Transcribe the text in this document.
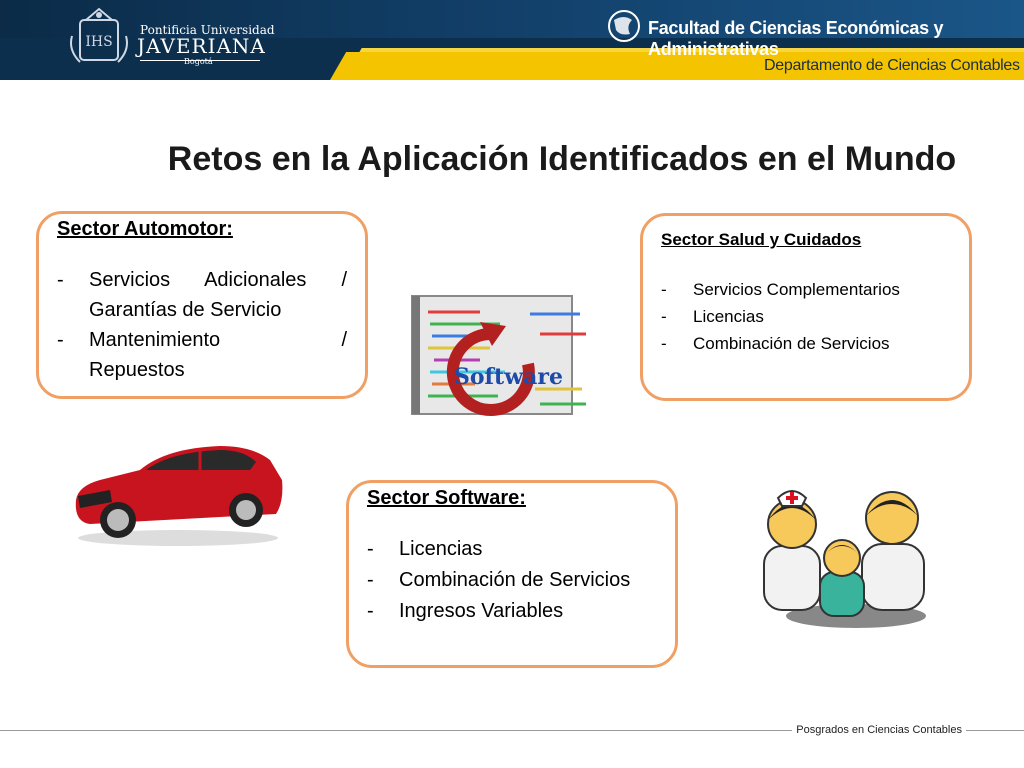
IHS
Pontificia Universidad
JAVERIANA
Bogotá
Facultad de Ciencias Económicas y Administrativas
Departamento de Ciencias Contables
Retos en la Aplicación Identificados en el Mundo
Sector Automotor:
- Servicios Adicionales /
Garantías de Servicio
- Mantenimiento /
Repuestos
Sector Salud y Cuidados
- Servicios Complementarios
- Licencias
- Combinación de Servicios
Sector Software:
- Licencias
- Combinación de Servicios
- Ingresos Variables
Software
Posgrados en Ciencias Contables
